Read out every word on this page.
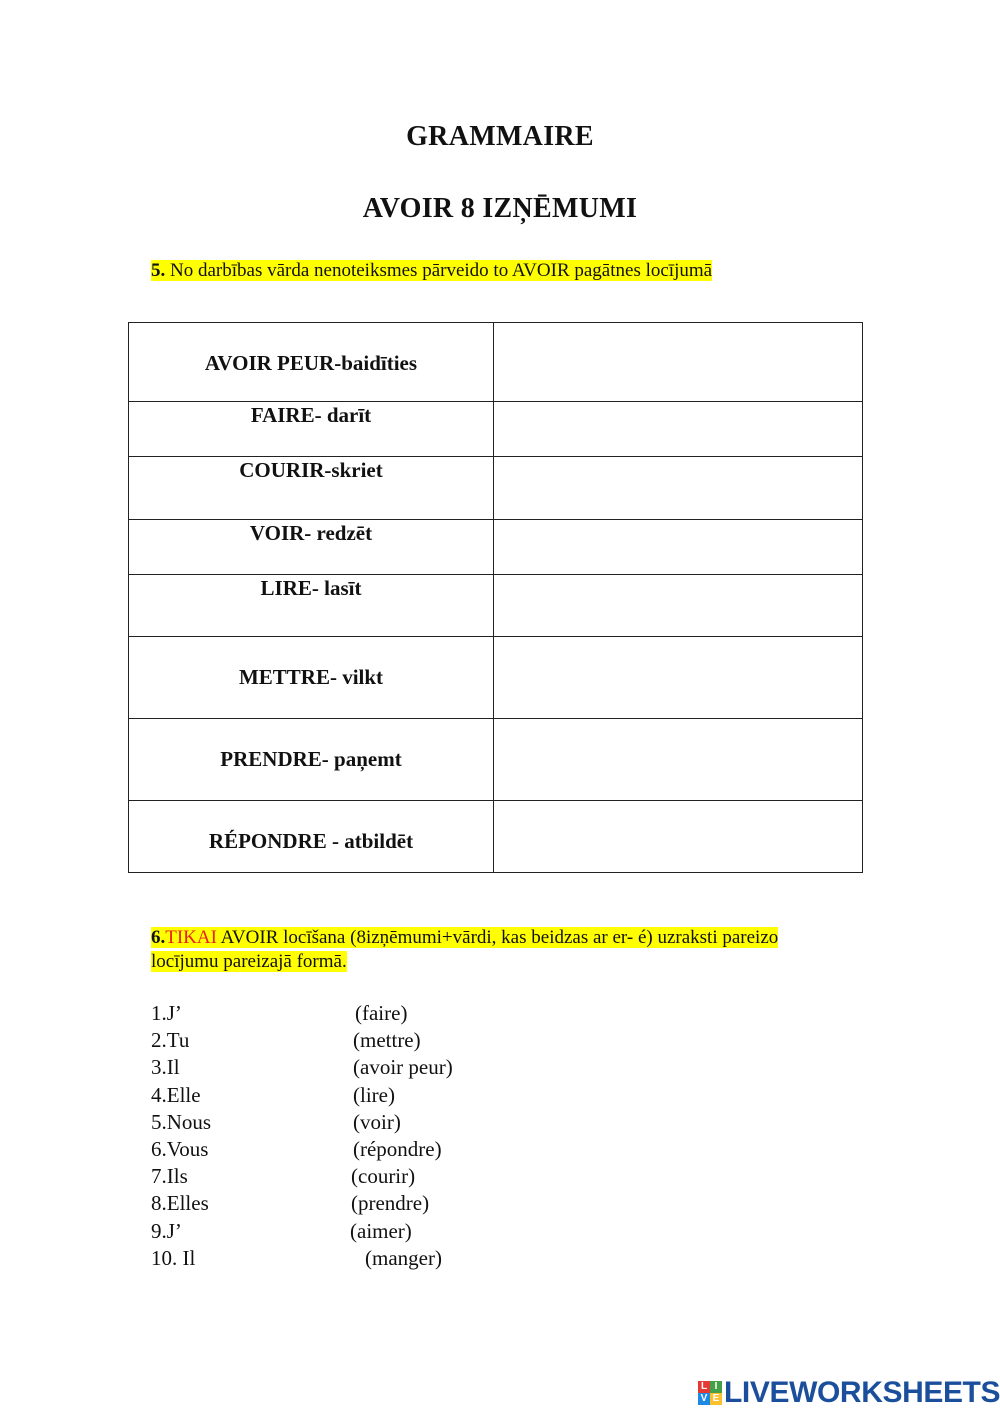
GRAMMAIRE
AVOIR 8 IZŅĒMUMI
5. No darbības vārda nenoteiksmes pārveido to AVOIR pagātnes locījumā
AVOIR PEUR-baidīties	

FAIRE- darīt	

COURIR-skriet	

VOIR- redzēt	

LIRE- lasīt	

METTRE- vilkt	

PRENDRE- paņemt	

RÉPONDRE - atbildēt	

6.TIKAI AVOIR locīšana (8izņēmumi+vārdi, kas beidzas ar er- é) uzraksti pareizo locījumu pareizajā formā.
1.J’	(faire)
2.Tu	(mettre)
3.Il	(avoir peur)
4.Elle	(lire)
5.Nous	(voir)
6.Vous	(répondre)
7.Ils	(courir)
8.Elles	(prendre)
9.J’	(aimer)
10. Il	(manger)
L I
V E LIVEWORKSHEETS
